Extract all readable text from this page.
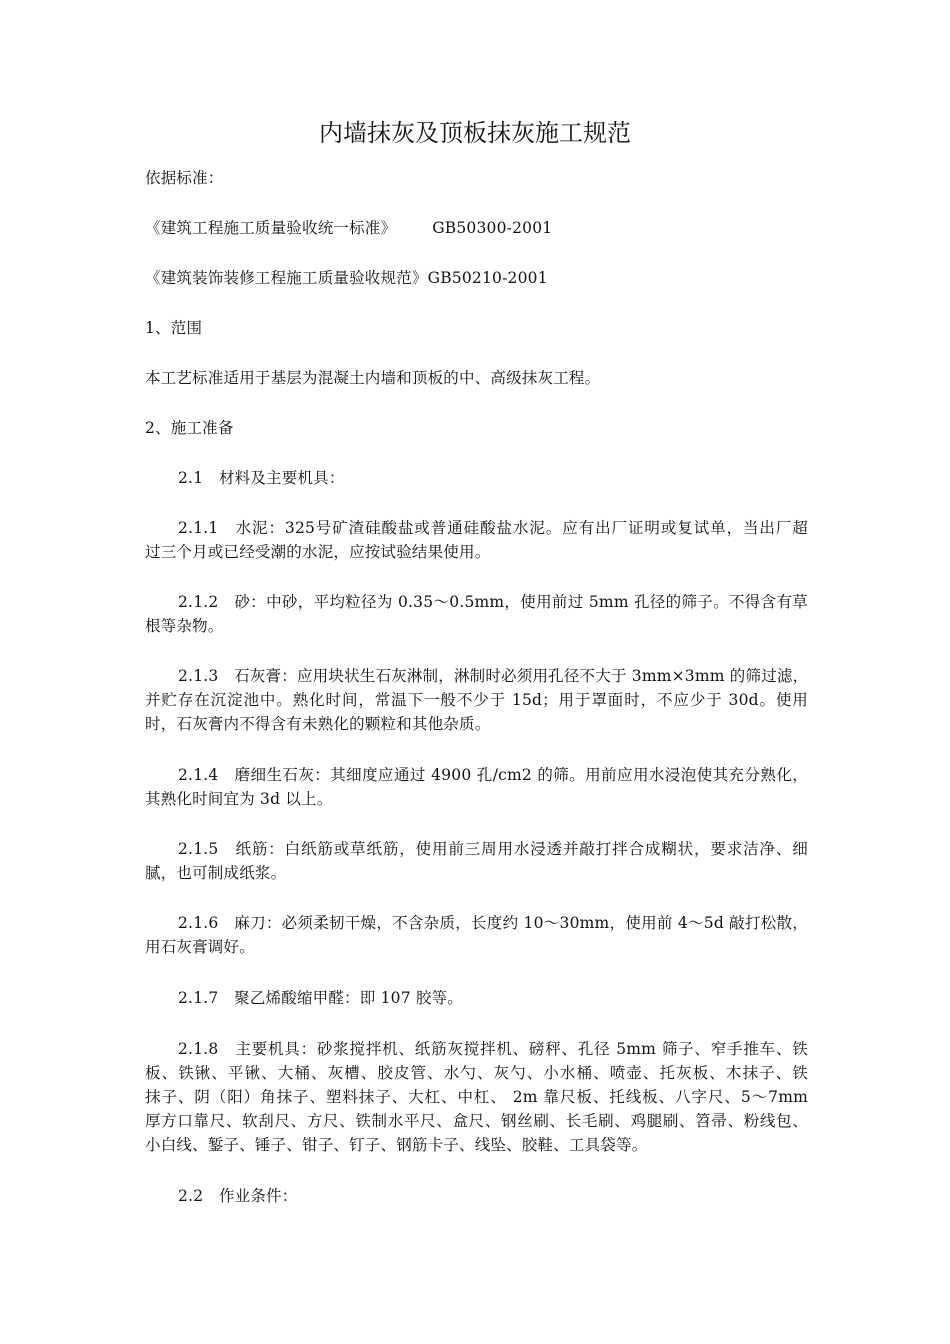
内墙抹灰及顶板抹灰施工规范
依据标准：
《建筑工程施工质量验收统一标准》 GB50300-2001
《建筑装饰装修工程施工质量验收规范》GB50210-2001
1、范围
本工艺标准适用于基层为混凝土内墙和顶板的中、高级抹灰工程。
2、施工准备
2.1　材料及主要机具：
2.1.1　水泥：325号矿渣硅酸盐或普通硅酸盐水泥。应有出厂证明或复试单，当出厂超
过三个月或已经受潮的水泥，应按试验结果使用。
2.1.2　砂：中砂，平均粒径为 0.35～0.5mm，使用前过 5mm 孔径的筛子。不得含有草
根等杂物。
2.1.3　石灰膏：应用块状生石灰淋制，淋制时必须用孔径不大于 3mm×3mm 的筛过滤，
并贮存在沉淀池中。熟化时间，常温下一般不少于 15d；用于罩面时，不应少于 30d。使用
时，石灰膏内不得含有未熟化的颗粒和其他杂质。
2.1.4　磨细生石灰：其细度应通过 4900 孔/cm2 的筛。用前应用水浸泡使其充分熟化，
其熟化时间宜为 3d 以上。
2.1.5　纸筋：白纸筋或草纸筋，使用前三周用水浸透并敲打拌合成糊状，要求洁净、细
腻，也可制成纸浆。
2.1.6　麻刀：必须柔韧干燥，不含杂质，长度约 10～30mm，使用前 4～5d 敲打松散，
用石灰膏调好。
2.1.7　聚乙烯酸缩甲醛：即 107 胶等。
2.1.8　主要机具：砂浆搅拌机、纸筋灰搅拌机、磅秤、孔径 5mm 筛子、窄手推车、铁
板、铁锹、平锹、大桶、灰槽、胶皮管、水勺、灰勺、小水桶、喷壶、托灰板、木抹子、铁
抹子、阴（阳）角抹子、塑料抹子、大杠、中杠、 2m 靠尺板、托线板、八字尺、5～7mm
厚方口靠尺、软刮尺、方尺、铁制水平尺、盒尺、钢丝刷、长毛刷、鸡腿刷、笤帚、粉线包、
小白线、錾子、锤子、钳子、钉子、钢筋卡子、线坠、胶鞋、工具袋等。
2.2　作业条件：
